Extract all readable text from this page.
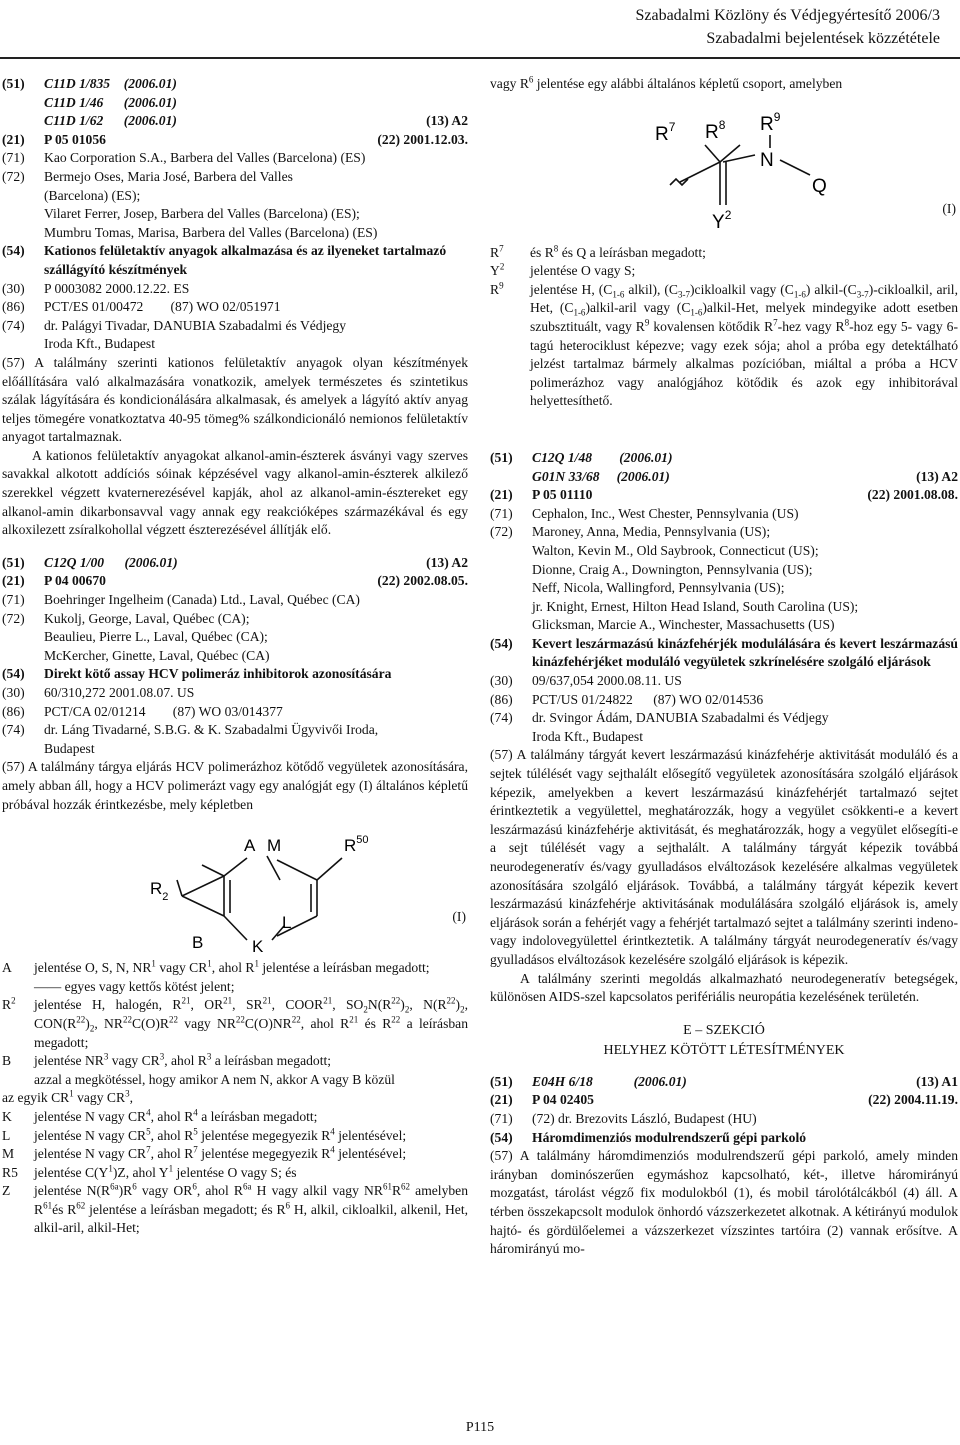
Szabadalmi Közlöny és Védjegyértesítő 2006/3
Szabadalmi bejelentések közzététele
(51)	C11D 1/835 (2006.01)
C11D 1/46 (2006.01)
C11D 1/62 (2006.01)	(13) A2
(21)	P 05 01056	(22) 2001.12.03.
(71)	Kao Corporation S.A., Barbera del Valles (Barcelona) (ES)
(72)	Bermejo Oses, Maria José, Barbera del Valles
(Barcelona) (ES);
Vilaret Ferrer, Josep, Barbera del Valles (Barcelona) (ES);
Mumbru Tomas, Marisa, Barbera del Valles (Barcelona) (ES)
(54)	Kationos felületaktív anyagok alkalmazása és az ilyeneket tartalmazó szállágyító készítmények
(30)	P 0003082 2000.12.22. ES
(86)	PCT/ES 01/00472 (87) WO 02/051971
(74)	dr. Palágyi Tivadar, DANUBIA Szabadalmi és Védjegy
Iroda Kft., Budapest
(57) A találmány szerinti kationos felületaktív anyagok olyan készítmények előállítására való alkalmazására vonatkozik, amelyek természetes és szintetikus szálak lágyítására és kondicionálására alkalmasak, és amelyek a lágyító aktív anyag teljes tömegére vonatkoztatva 40-95 tömeg% szálkondicionáló nemionos felületaktív anyagot tartalmaznak.
A kationos felületaktív anyagokat alkanol-amin-észterek ásványi vagy szerves savakkal alkotott addíciós sóinak képzésével vagy alkanol-amin-észterek alkilező szerekkel végzett kvaternerezésével kapják, ahol az alkanol-amin-észtereket egy alkanol-amin dikarbonsavval vagy annak egy reakcióképes származékával és egy alkoxilezett zsíralkohollal végzett észterezésével állítják elő.
(51)	C12Q 1/00 (2006.01)	(13) A2
(21)	P 04 00670	(22) 2002.08.05.
(71)	Boehringer Ingelheim (Canada) Ltd., Laval, Québec (CA)
(72)	Kukolj, George, Laval, Québec (CA);
Beaulieu, Pierre L., Laval, Québec (CA);
McKercher, Ginette, Laval, Québec (CA)
(54)	Direkt kötő assay HCV polimeráz inhibitorok azonosítására
(30)	60/310,272 2001.08.07. US
(86)	PCT/CA 02/01214 (87) WO 03/014377
(74)	dr. Láng Tivadarné, S.B.G. & K. Szabadalmi Ügyvivői Iroda,
Budapest
(57) A találmány tárgya eljárás HCV polimerázhoz kötődő vegyületek azonosítására, amely abban áll, hogy a HCV polimerázt vagy egy analógját egy (I) általános képletű próbával hozzák érintkezésbe, mely képletben
A M	$R^{50}$
$R_2$
B	K
L	(I)
A	jelentése O, S, N, $NR^1$ vagy $CR^1$, ahol $R^1$ jelentése a leírásban megadott;
—— egyes vagy kettős kötést jelent;
$R^2$	jelentése H, halogén, $R^{21}$, OR$^{21}$, SR$^{21}$, COOR$^{21}$, $SO_2N(R^{22})_2$, $N(R^{22})_2$, $CON(R^{22})_2$, $NR^{22}C(O)R^{22}$ vagy NR$^{22}$C(O)NR$^{22}$, ahol $R^{21}$ és $R^{22}$ a leírásban megadott;
B	jelentése $NR^3$ vagy $CR^3$, ahol $R^3$ a leírásban megadott;
azzal a megkötéssel, hogy amikor A nem N, akkor A vagy B közül
az egyik $CR^1$ vagy $CR^3$,
K	jelentése N vagy $CR^4$, ahol $R^4$ a leírásban megadott;
L	jelentése N vagy $CR^5$, ahol $R^5$ jelentése megegyezik $R^4$ jelentésével;
M	jelentése N vagy $CR^7$, ahol $R^7$ jelentése megegyezik $R^4$ jelentésével;
R5	jelentése $C(Y^1)Z$, ahol $Y^1$ jelentése O vagy S; és
Z	jelentése $N(R^{6a})R^6$ vagy $OR^6$, ahol $R^{6a}$ H vagy alkil vagy $NR^{61}R^{62}$ amelyben $R^{61}és$ $R^{62}$ jelentése a leírásban megadott; és $R^6$ H, alkil, cikloalkil, alkenil, Het, alkil-aril, alkil-Het;
vagy $R^6$ jelentése egy alábbi általános képletű csoport, amelyben
$R^7$ $R^8$ $R^9$
N
Q
$Y^2$	(I)
$R^7$	és $R^8$ és Q a leírásban megadott;
$Y^2$	jelentése O vagy S;
$R^9$	jelentése H, ($C_{1-6}$ alkil), $(C_{3-7})cikloalkil$ vagy $(C_{1-6})$ alkil-$(C_{3-7})$-cikloalkil, aril, Het, $(C_{1-6})alkil$-aril vagy $(C_{1-6})alkil$-Het, melyek mindegyike adott esetben szubsztituált, vagy $R^9$ kovalensen kötődik $R^7$-hez vagy $R^8$-hoz egy 5- vagy 6-tagú heterociklust képezve; vagy ezek sója; ahol a próba egy detektálható jelzést tartalmaz bármely alkalmas pozícióban, miáltal a próba a HCV polimerázhoz vagy analógjához kötődik és azok egy inhibitorával helyettesíthető.
(51)	C12Q 1/48 (2006.01)
G01N 33/68 (2006.01)	(13) A2
(21)	P 05 01110	(22) 2001.08.08.
(71)	Cephalon, Inc., West Chester, Pennsylvania (US)
(72)	Maroney, Anna, Media, Pennsylvania (US);
Walton, Kevin M., Old Saybrook, Connecticut (US);
Dionne, Craig A., Downington, Pennsylvania (US);
Neff, Nicola, Wallingford, Pennsylvania (US);
jr. Knight, Ernest, Hilton Head Island, South Carolina (US);
Glicksman, Marcie A., Winchester, Massachusetts (US)
(54)	Kevert leszármazású kinázfehérjék modulálására és kevert leszármazású kinázfehérjéket moduláló vegyületek szkrínelésére szolgáló eljárások
(30)	09/637,054 2000.08.11. US
(86)	PCT/US 01/24822 (87) WO 02/014536
(74)	dr. Svingor Ádám, DANUBIA Szabadalmi és Védjegy
Iroda Kft., Budapest
(57) A találmány tárgyát kevert leszármazású kinázfehérje aktivitását moduláló és a sejtek túlélését vagy sejthalált elősegítő vegyületek azonosítására szolgáló eljárások képezik, amelyekben a kevert leszármazású kinázfehérjét tartalmazó sejtet érintkeztetik a vegyülettel, meghatározzák, hogy a vegyület csökkenti-e a kevert leszármazású kinázfehérje aktivitását, és meghatározzák, hogy a vegyület elősegíti-e a sejt túlélését vagy a sejthalált. A találmány tárgyát képezik továbbá neurodegeneratív és/vagy gyulladásos elváltozások kezelésére alkalmas vegyületek azonosítására szolgáló eljárások. Továbbá, a találmány tárgyát képezik kevert leszármazású kinázfehérje aktivitásának modulálására szolgáló eljárások is, amely eljárások során a fehérjét vagy a fehérjét tartalmazó sejtet a találmány szerinti indeno- vagy indolovegyülettel érintkeztetik. A találmány tárgyát neurodegeneratív és/vagy gyulladásos elváltozások kezelésére szolgáló eljárások is képezik.
A találmány szerinti megoldás alkalmazható neurodegeneratív betegségek, különösen AIDS-szel kapcsolatos perifériális neuropátia kezelésének területén.
E – SZEKCIÓ
HELYHEZ KÖTÖTT LÉTESÍTMÉNYEK
(51)	E04H 6/18	(2006.01)	(13) A1
(21)	P 04 02405	(22) 2004.11.19.
(71)	(72) dr. Brezovits László, Budapest (HU)
(54)	Háromdimenziós modulrendszerű gépi parkoló
(57) A találmány háromdimenziós modulrendszerű gépi parkoló, amely minden irányban dominószerűen egymáshoz kapcsolható, két-, illetve háromirányú mozgatást, tárolást végző fix modulokból (1), és mobil tárolótálcákból (4) áll. A térben összekapcsolt modulok önhordó vázszerkezetet alkotnak. A kétirányú modulok hajtó- és gördülőelemei a vázszerkezet vízszintes tartóira (2) vannak erősítve. A háromirányú mo-
P115
